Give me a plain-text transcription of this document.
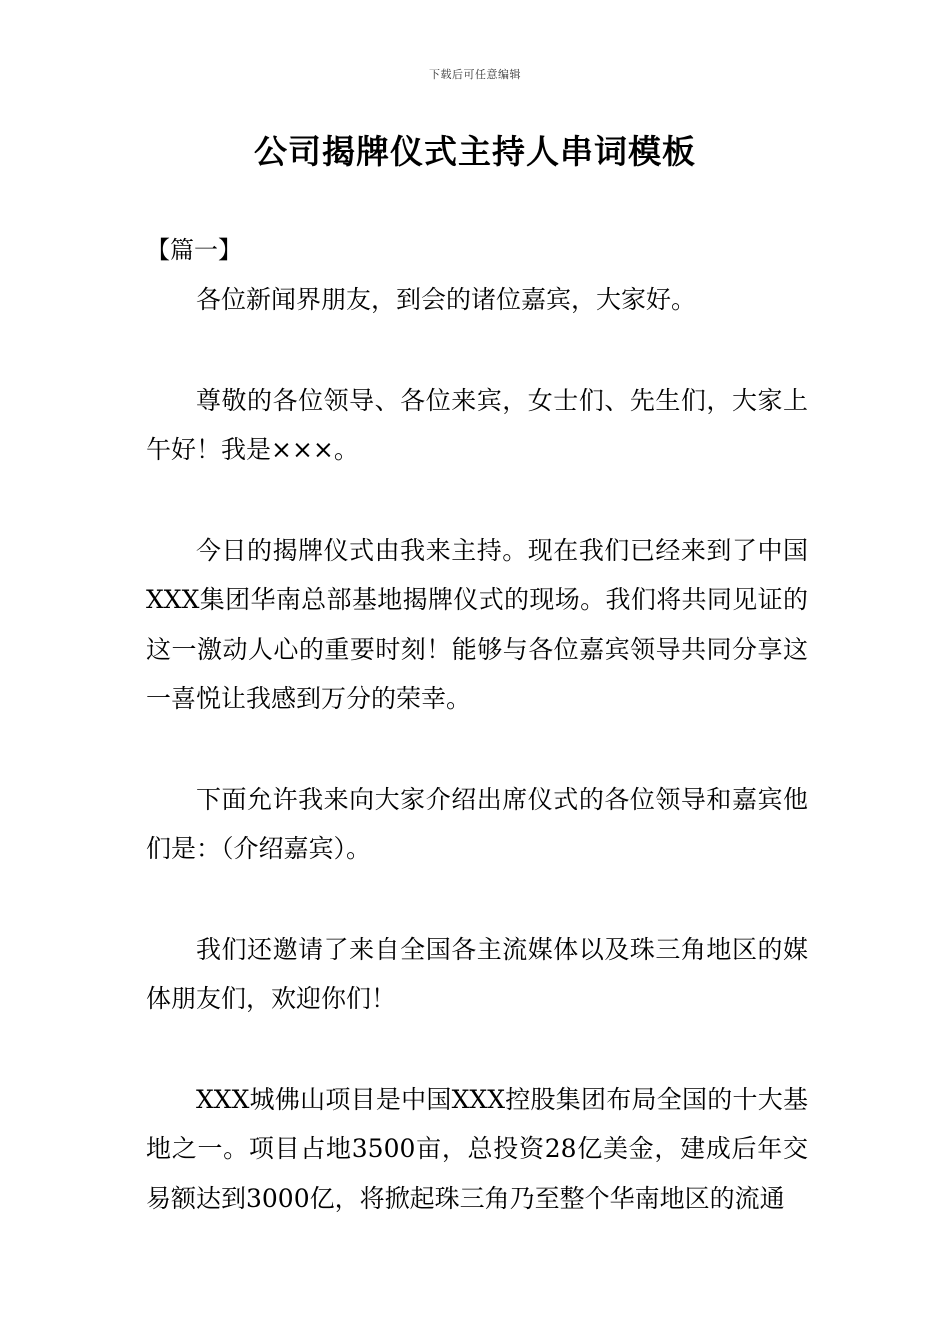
下载后可任意编辑
公司揭牌仪式主持人串词模板
【篇一】

各位新闻界朋友，到会的诸位嘉宾，大家好。

尊敬的各位领导、各位来宾，女士们、先生们，大家上午好！我是×××。

今日的揭牌仪式由我来主持。现在我们已经来到了中国XXX集团华南总部基地揭牌仪式的现场。我们将共同见证的这一激动人心的重要时刻！能够与各位嘉宾领导共同分享这一喜悦让我感到万分的荣幸。

下面允许我来向大家介绍出席仪式的各位领导和嘉宾他们是：（介绍嘉宾）。

我们还邀请了来自全国各主流媒体以及珠三角地区的媒体朋友们，欢迎你们！

XXX城佛山项目是中国XXX控股集团布局全国的十大基地之一。项目占地3500亩，总投资28亿美金，建成后年交易额达到3000亿，将掀起珠三角乃至整个华南地区的流通
